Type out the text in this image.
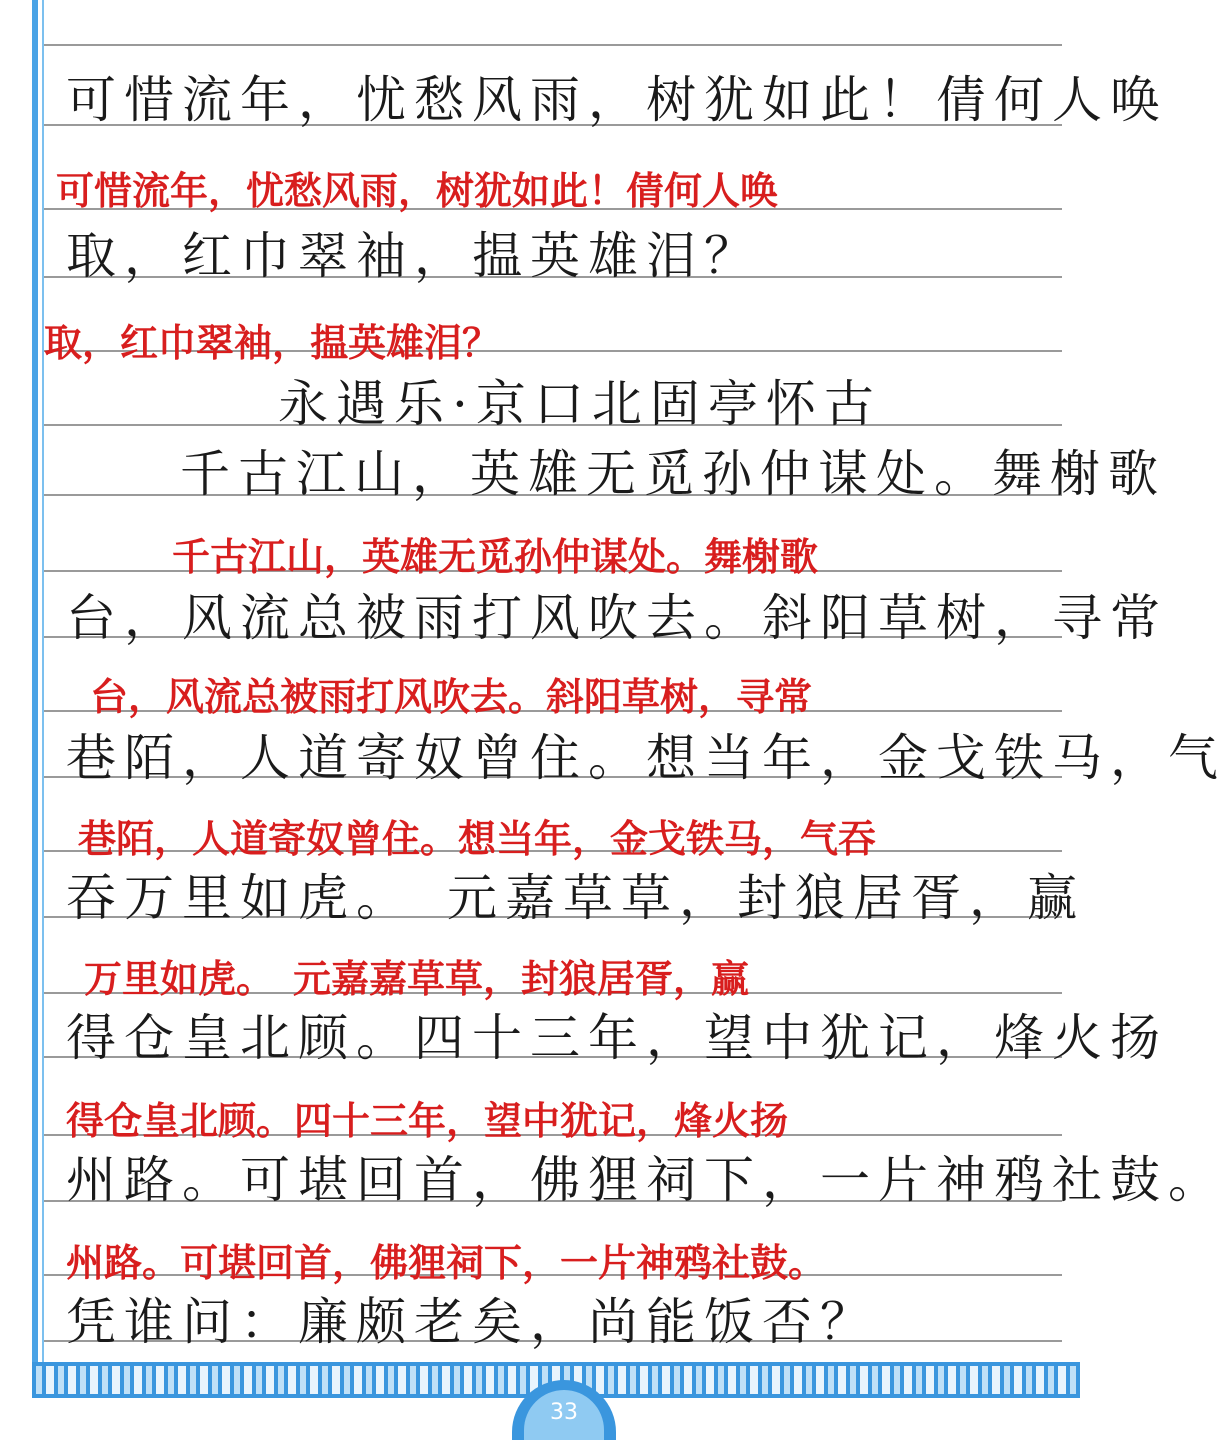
可惜流年，忧愁风雨，树犹如此！倩何人唤
可惜流年，忧愁风雨，树犹如此！倩何人唤
取，红巾翠袖，揾英雄泪？
取，红巾翠袖，揾英雄泪？
永遇乐·京口北固亭怀古
千古江山，英雄无觅孙仲谋处。舞榭歌
千古江山，英雄无觅孙仲谋处。舞榭歌
台，风流总被雨打风吹去。斜阳草树，寻常
台，风流总被雨打风吹去。斜阳草树，寻常
巷陌，人道寄奴曾住。想当年，金戈铁马，气
巷陌，人道寄奴曾住。想当年，金戈铁马，气吞
吞万里如虎。　元嘉草草，封狼居胥，赢
万里如虎。　元嘉嘉草草，封狼居胥，赢
得仓皇北顾。四十三年，望中犹记，烽火扬
得仓皇北顾。四十三年，望中犹记，烽火扬
州路。可堪回首，佛狸祠下，一片神鸦社鼓。
州路。可堪回首，佛狸祠下，一片神鸦社鼓。
凭谁问：廉颇老矣，尚能饭否？
33
